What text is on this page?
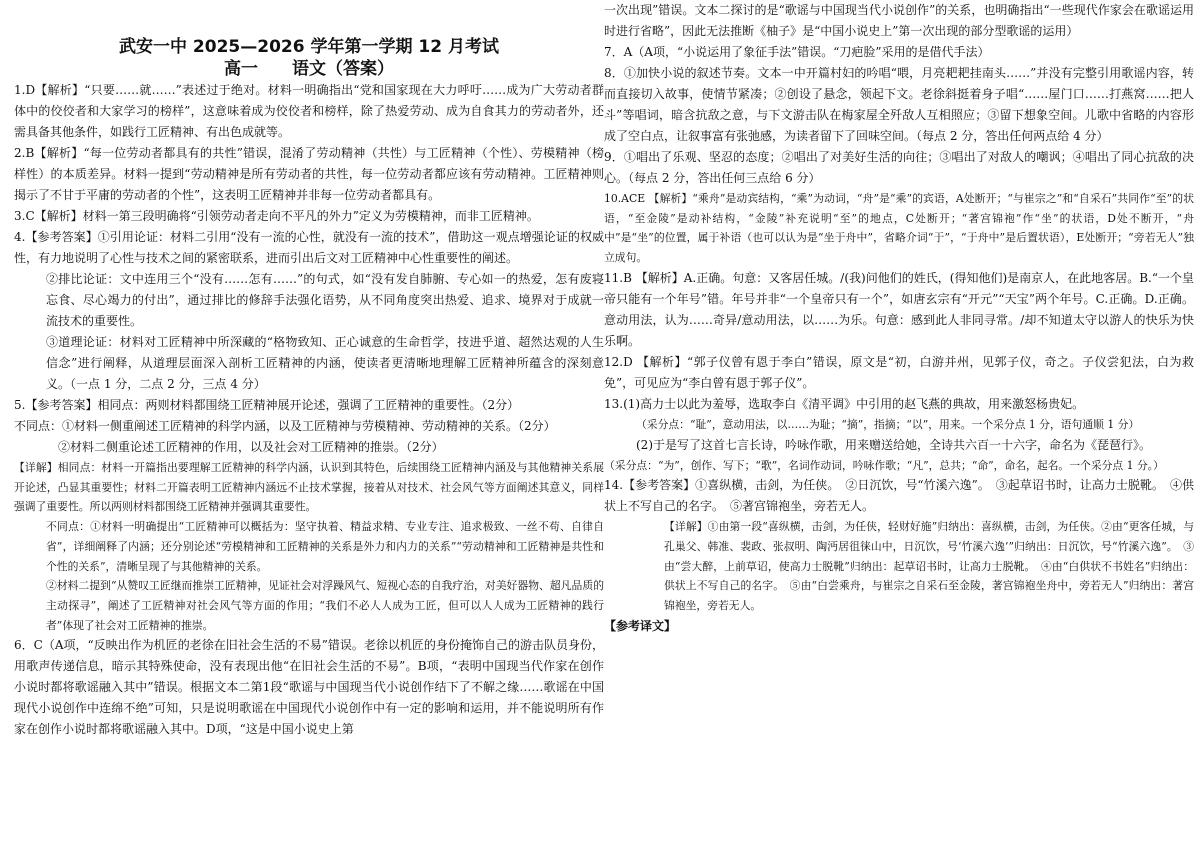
武安一中 2025—2026 学年第一学期 12 月考试
高一　　语文（答案）

1.D【解析】“只要……就……”表述过于绝对。材料一明确指出“党和国家现在大力呼吁……成为广大劳动者群体中的佼佼者和大家学习的榜样”，这意味着成为佼佼者和榜样，除了热爱劳动、成为自食其力的劳动者外，还需具备其他条件，如践行工匠精神、有出色成就等。

2.B【解析】“每一位劳动者都具有的共性”错误，混淆了劳动精神（共性）与工匠精神（个性）、劳模精神（榜样性）的本质差异。材料一提到“劳动精神是所有劳动者的共性，每一位劳动者都应该有劳动精神。工匠精神则揭示了不甘于平庸的劳动者的个性”，这表明工匠精神并非每一位劳动者都具有。

3.C【解析】材料一第三段明确将“引领劳动者走向不平凡的外力”定义为劳模精神，而非工匠精神。

4.【参考答案】①引用论证：材料二引用“没有一流的心性，就没有一流的技术”，借助这一观点增强论证的权威性，有力地说明了心性与技术之间的紧密联系，进而引出后文对工匠精神中心性重要性的阐述。

②排比论证：文中连用三个“没有……怎有……”的句式，如“没有发自肺腑、专心如一的热爱，怎有废寝忘食、尽心竭力的付出”，通过排比的修辞手法强化语势，从不同角度突出热爱、追求、境界对于成就一流技术的重要性。

③道理论证：材料对工匠精神中所深藏的“格物致知、正心诚意的生命哲学，技进乎道、超然达观的人生信念”进行阐释，从道理层面深入剖析工匠精神的内涵，使读者更清晰地理解工匠精神所蕴含的深刻意义。（一点 1 分，二点 2 分，三点 4 分）

5.【参考答案】相同点：两则材料都围绕工匠精神展开论述，强调了工匠精神的重要性。（2分）

不同点：①材料一侧重阐述工匠精神的科学内涵，以及工匠精神与劳模精神、劳动精神的关系。（2分）

②材料二侧重论述工匠精神的作用，以及社会对工匠精神的推崇。（2分）

【详解】相同点：材料一开篇指出要理解工匠精神的科学内涵，认识到其特色，后续围绕工匠精神内涵及与其他精神关系展开论述，凸显其重要性；材料二开篇表明工匠精神内涵远不止技术掌握，接着从对技术、社会风气等方面阐述其意义，同样强调了重要性。所以两则材料都围绕工匠精神并强调其重要性。

不同点：①材料一明确提出“工匠精神可以概括为：坚守执着、精益求精、专业专注、追求极致、一丝不苟、自律自省”，详细阐释了内涵；还分别论述“劳模精神和工匠精神的关系是外力和内力的关系”“劳动精神和工匠精神是共性和个性的关系”，清晰呈现了与其他精神的关系。

②材料二提到“从赞叹工匠继而推崇工匠精神，见证社会对浮躁风气、短视心态的自我疗治，对美好器物、超凡品质的主动探寻”，阐述了工匠精神对社会风气等方面的作用；“我们不必人人成为工匠，但可以人人成为工匠精神的践行者”体现了社会对工匠精神的推崇。

6．C（A项，“反映出作为机匠的老徐在旧社会生活的不易”错误。老徐以机匠的身份掩饰自己的游击队员身份，用歌声传递信息，暗示其特殊使命，没有表现出他“在旧社会生活的不易”。B项，“表明中国现当代作家在创作小说时都将歌谣融入其中”错误。根据文本二第1段“歌谣与中国现当代小说创作结下了不解之缘……歌谣在中国现代小说创作中连绵不绝”可知，只是说明歌谣在中国现代小说创作中有一定的影响和运用，并不能说明所有作家在创作小说时都将歌谣融入其中。D项，“这是中国小说史上第

一次出现”错误。文本二探讨的是“歌谣与中国现当代小说创作”的关系，也明确指出“一些现代作家会在歌谣运用时进行省略”，因此无法推断《柚子》是“中国小说史上”第一次出现的部分型歌谣的运用）

7．A（A项，“小说运用了象征手法”错误。“刀疤脸”采用的是借代手法）

8．①加快小说的叙述节奏。文本一中开篇村妇的吟唱“喂，月亮耙耙挂南头……”并没有完整引用歌谣内容，转而直接切入故事，使情节紧凑；②创设了悬念，领起下文。老徐斜挺着身子唱“……屋门口……打燕窝……把人斗”等唱词，暗含抗敌之意，与下文游击队在梅家屋全歼敌人互相照应；③留下想象空间。儿歌中省略的内容形成了空白点，让叙事富有张弛感，为读者留下了回味空间。（每点 2 分，答出任何两点给 4 分）

9．①唱出了乐观、坚忍的态度；②唱出了对美好生活的向往；③唱出了对敌人的嘲讽；④唱出了同心抗敌的决心。（每点 2 分，答出任何三点给 6 分）

10.ACE 【解析】“乘舟”是动宾结构，“乘”为动词，“舟”是“乘”的宾语，A处断开；“与崔宗之”和“自采石”共同作“至”的状语，“至金陵”是动补结构，“金陵”补充说明“至”的地点，C处断开；“著宫锦袍”作“坐”的状语，D处不断开，“舟中”是“坐”的位置，属于补语（也可以认为是“坐于舟中”，省略介词“于”，“于舟中”是后置状语），E处断开；“旁若无人”独立成句。

11.B 【解析】A.正确。句意：又客居任城。/(我)问他们的姓氏，(得知他们)是南京人，在此地客居。B.“一个皇帝只能有一个年号”错。年号并非“一个皇帝只有一个”，如唐玄宗有“开元”“天宝”两个年号。C.正确。D.正确。意动用法，认为……奇异/意动用法，以……为乐。句意：感到此人非同寻常。/却不知道太守以游人的快乐为快乐啊。

12.D 【解析】“郭子仪曾有恩于李白”错误，原文是“初，白游并州，见郭子仪，奇之。子仪尝犯法，白为救免”，可见应为“李白曾有恩于郭子仪”。

13.(1)高力士以此为羞辱，选取李白《清平调》中引用的赵飞燕的典故，用来激怒杨贵妃。

（采分点：“耻”，意动用法，以……为耻；“摘”，指摘；“以”，用来。一个采分点 1 分，语句通顺 1 分）

(2)于是写了这首七言长诗，吟咏作歌，用来赠送给她，全诗共六百一十六字，命名为《琵琶行》。

（采分点：“为”，创作、写下；“歌”，名词作动词，吟咏作歌；“凡”，总共；“命”，命名，起名。一个采分点 1 分。）

14.【参考答案】①喜纵横，击剑，为任侠。　②日沉饮，号“竹溪六逸”。　③起草诏书时，让高力士脱靴。　④供状上不写自己的名字。　⑤著宫锦袍坐，旁若无人。

【详解】①由第一段“喜纵横，击剑，为任侠，轻财好施”归纳出：喜纵横，击剑，为任侠。②由“更客任城，与孔巢父、韩准、裴政、张叔明、陶沔居徂徕山中，日沉饮，号‘竹溪六逸’”归纳出：日沉饮，号“竹溪六逸”。　③由“尝大醉，上前草诏，使高力士脱靴”归纳出：起草诏书时，让高力士脱靴。　④由“白供状不书姓名”归纳出：供状上不写自己的名字。　⑤由“白尝乘舟，与崔宗之自采石至金陵，著宫锦袍坐舟中，旁若无人”归纳出：著宫锦袍坐，旁若无人。

【参考译文】
